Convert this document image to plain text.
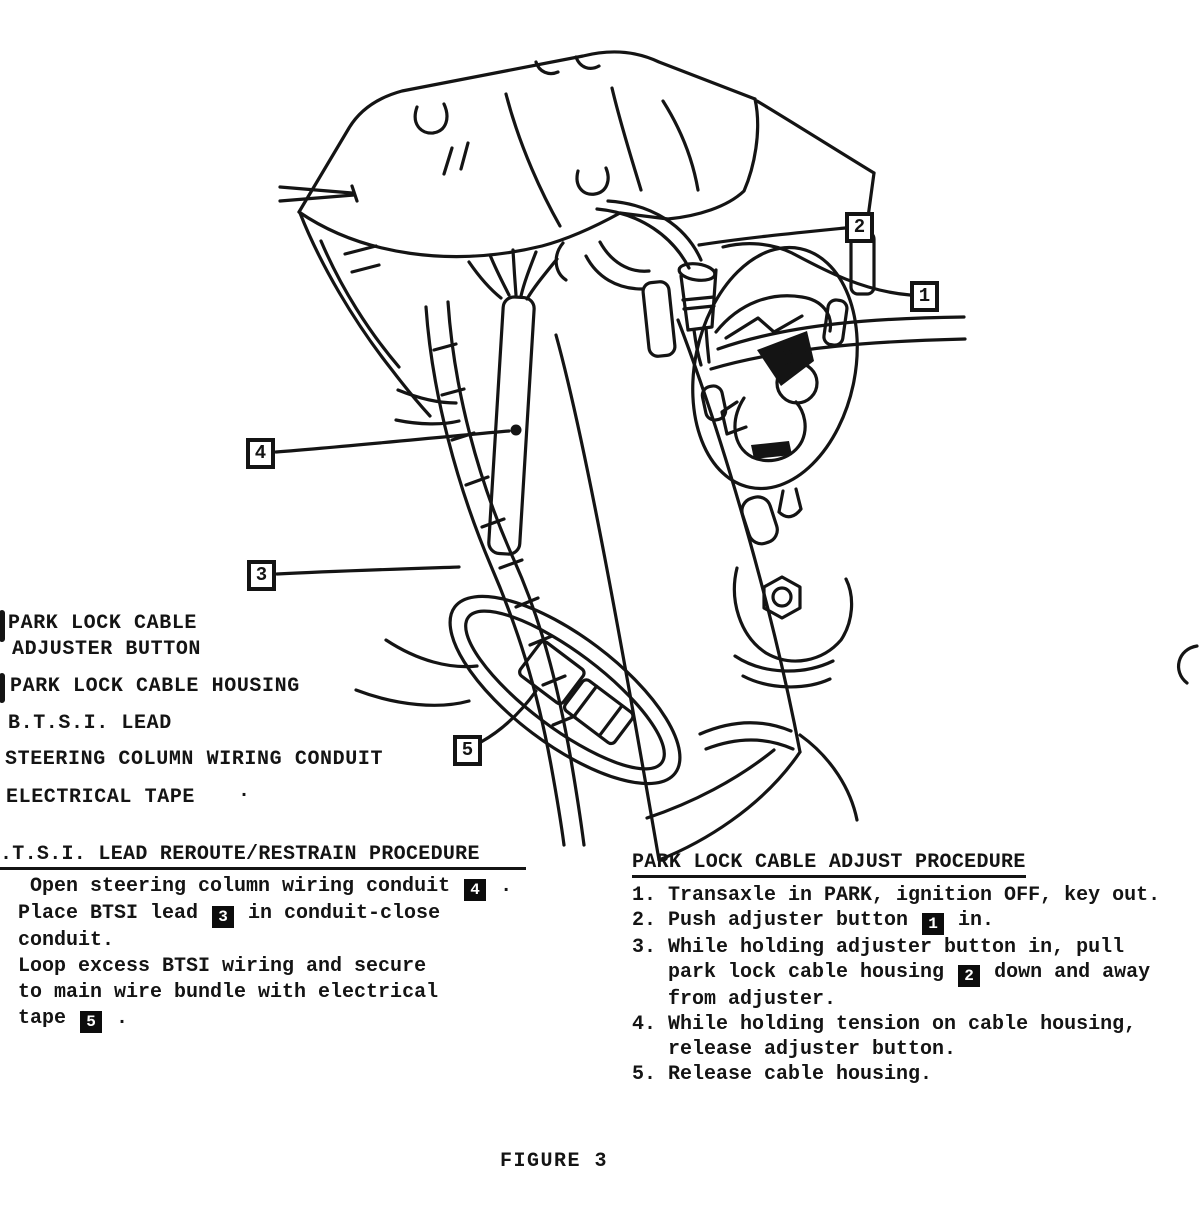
1
2
3
4
5
PARK LOCK CABLE
ADJUSTER BUTTON
PARK LOCK CABLE HOUSING
B.T.S.I. LEAD
STEERING COLUMN WIRING CONDUIT
ELECTRICAL TAPE .
.T.S.I. LEAD REROUTE/RESTRAIN PROCEDURE
Open steering column wiring conduit 4 .
Place BTSI lead 3 in conduit-close
conduit.
Loop excess BTSI wiring and secure
to main wire bundle with electrical
tape 5 .
PARK LOCK CABLE ADJUST PROCEDURE
1. Transaxle in PARK, ignition OFF, key out.
2. Push adjuster button 1 in.
3. While holding adjuster button in, pull
park lock cable housing 2 down and away
from adjuster.
4. While holding tension on cable housing,
release adjuster button.
5. Release cable housing.
FIGURE 3
